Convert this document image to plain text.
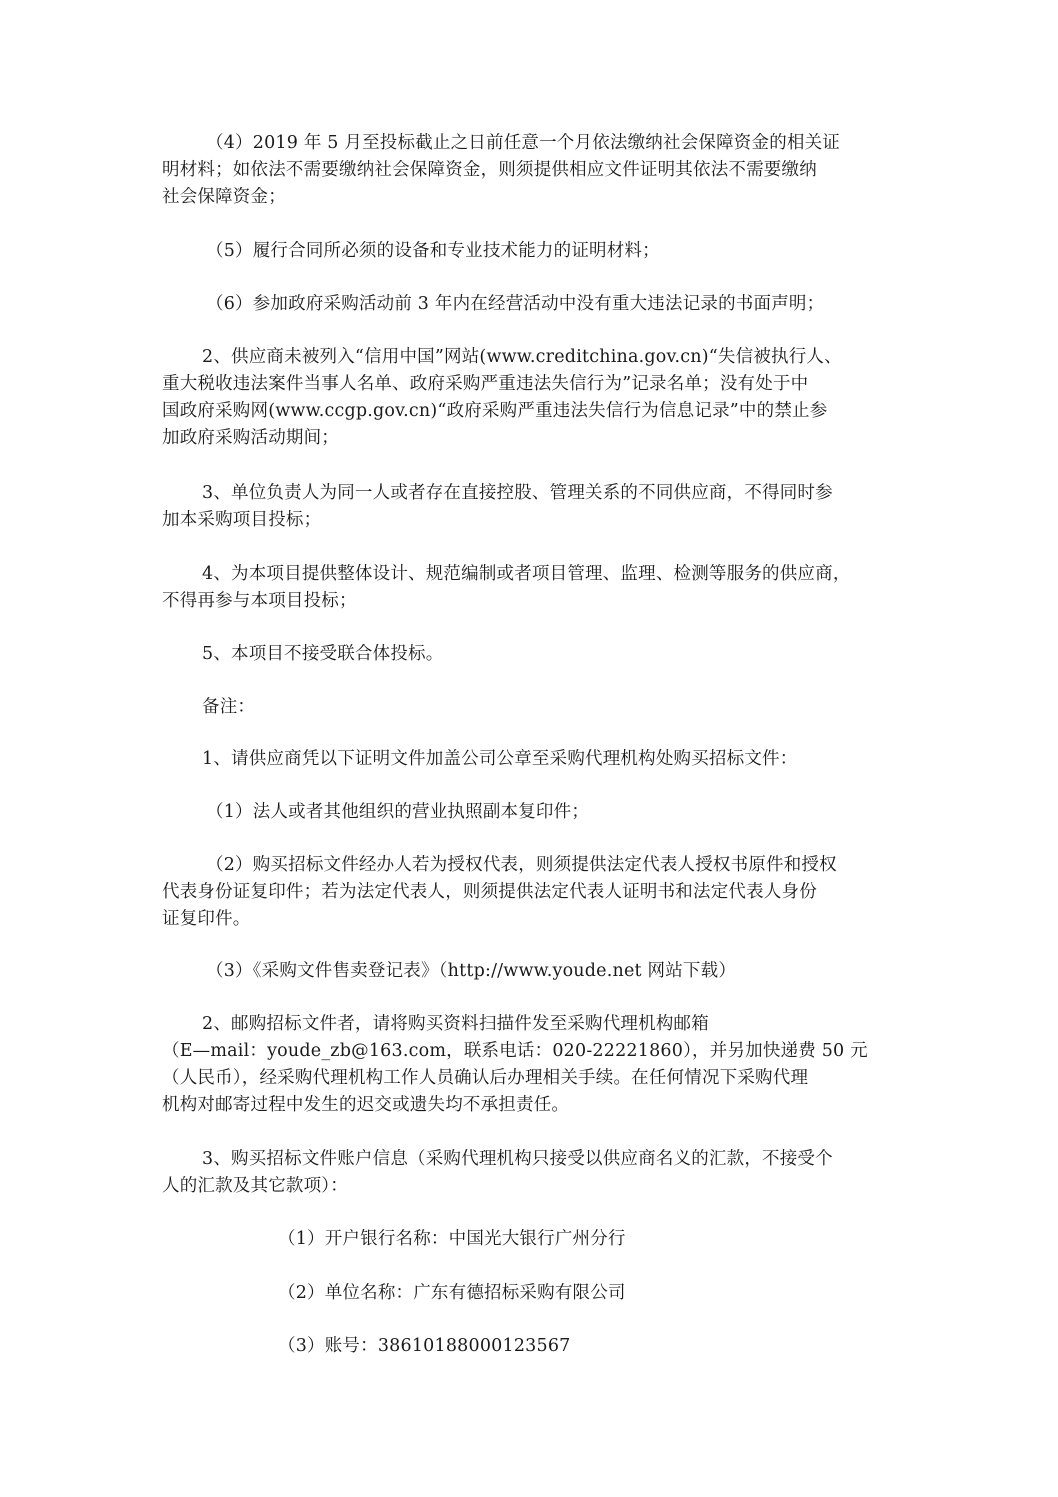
（4）2019 年 5 月至投标截止之日前任意一个月依法缴纳社会保障资金的相关证
明材料；如依法不需要缴纳社会保障资金，则须提供相应文件证明其依法不需要缴纳
社会保障资金；
（5）履行合同所必须的设备和专业技术能力的证明材料；
（6）参加政府采购活动前 3 年内在经营活动中没有重大违法记录的书面声明；
2、供应商未被列入“信用中国”网站(www.creditchina.gov.cn)“失信被执行人、
重大税收违法案件当事人名单、政府采购严重违法失信行为”记录名单；没有处于中
国政府采购网(www.ccgp.gov.cn)“政府采购严重违法失信行为信息记录”中的禁止参
加政府采购活动期间；
3、单位负责人为同一人或者存在直接控股、管理关系的不同供应商，不得同时参
加本采购项目投标；
4、为本项目提供整体设计、规范编制或者项目管理、监理、检测等服务的供应商，
不得再参与本项目投标；
5、本项目不接受联合体投标。
备注：
1、请供应商凭以下证明文件加盖公司公章至采购代理机构处购买招标文件：
（1）法人或者其他组织的营业执照副本复印件；
（2）购买招标文件经办人若为授权代表，则须提供法定代表人授权书原件和授权
代表身份证复印件；若为法定代表人，则须提供法定代表人证明书和法定代表人身份
证复印件。
（3）《采购文件售卖登记表》（http://www.youde.net 网站下载）
2、邮购招标文件者，请将购买资料扫描件发至采购代理机构邮箱
（E—mail：youde_zb@163.com，联系电话：020-22221860），并另加快递费 50 元
（人民币），经采购代理机构工作人员确认后办理相关手续。在任何情况下采购代理
机构对邮寄过程中发生的迟交或遗失均不承担责任。
3、购买招标文件账户信息（采购代理机构只接受以供应商名义的汇款，不接受个
人的汇款及其它款项）：
（1）开户银行名称：中国光大银行广州分行
（2）单位名称：广东有德招标采购有限公司
（3）账号：38610188000123567
